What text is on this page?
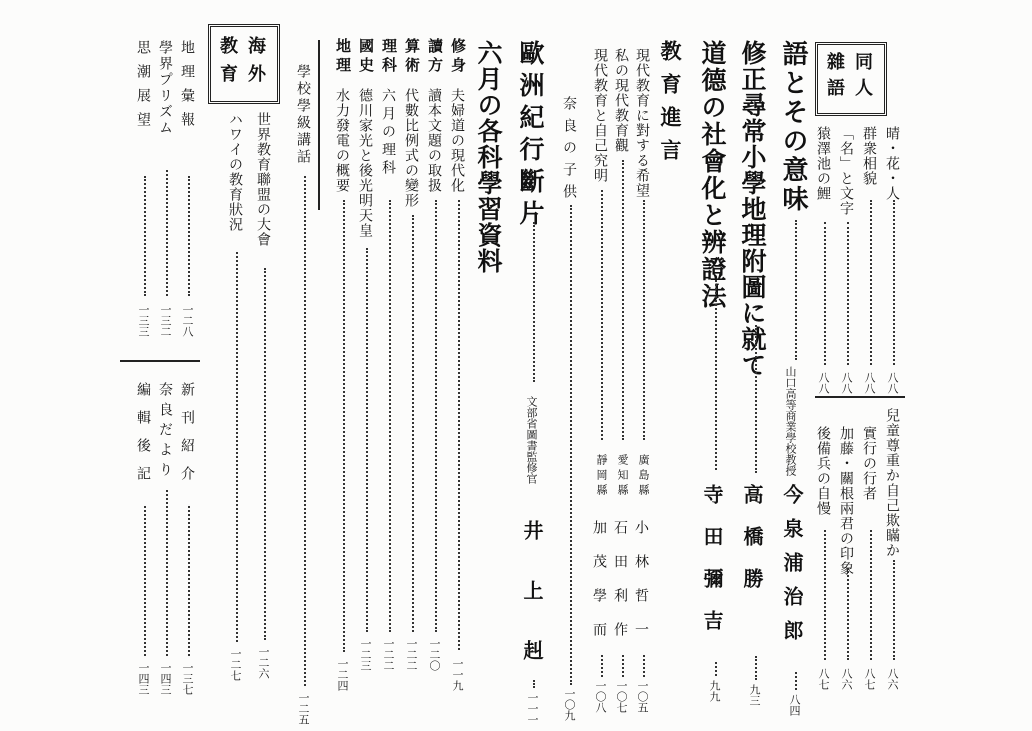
同人
雜語
晴・花・人
八八
群衆相貌
八八
「名」と文字
八八
猿澤池の鯉
八八
兒童尊重か自己欺瞞か
八六
實行の行者
八七
加藤・關根兩君の印象
八六
後備兵の自慢
八七
語とその意味
山口高等商業學校教授
今泉浦治郎
八四
修正尋常小學地理附圖に就て
高橋勝
九三
道德の社會化と辨證法
寺田彌吉
九九
教育進言
現代教育に對する希望
廣島縣
小林哲一
一〇五
私の現代教育觀
愛知縣
石田利作
一〇七
現代教育と自己究明
靜岡縣
加茂學而
一〇八
奈良の子供
一〇九
歐洲紀行斷片
文部省圖書監修官
井上赳
一一一
六月の各科學習資料
修身
夫婦道の現代化
一一九
讀方
讀本文題の取扱
一二〇
算術
代數比例式の變形
一二二
理科
六月の理科
一二二
國史
德川家光と後光明天皇
一二三
地理
水力發電の概要
一二四
學校學級講話
一二五
海外
教育
世界教育聯盟の大會
一二六
ハワイの教育狀況
一二七
地理彙報
一二八
學界プリズム
一三二
思潮展望
一三三
新刊紹介
一三七
奈良だより
一四三
編輯後記
一四三
